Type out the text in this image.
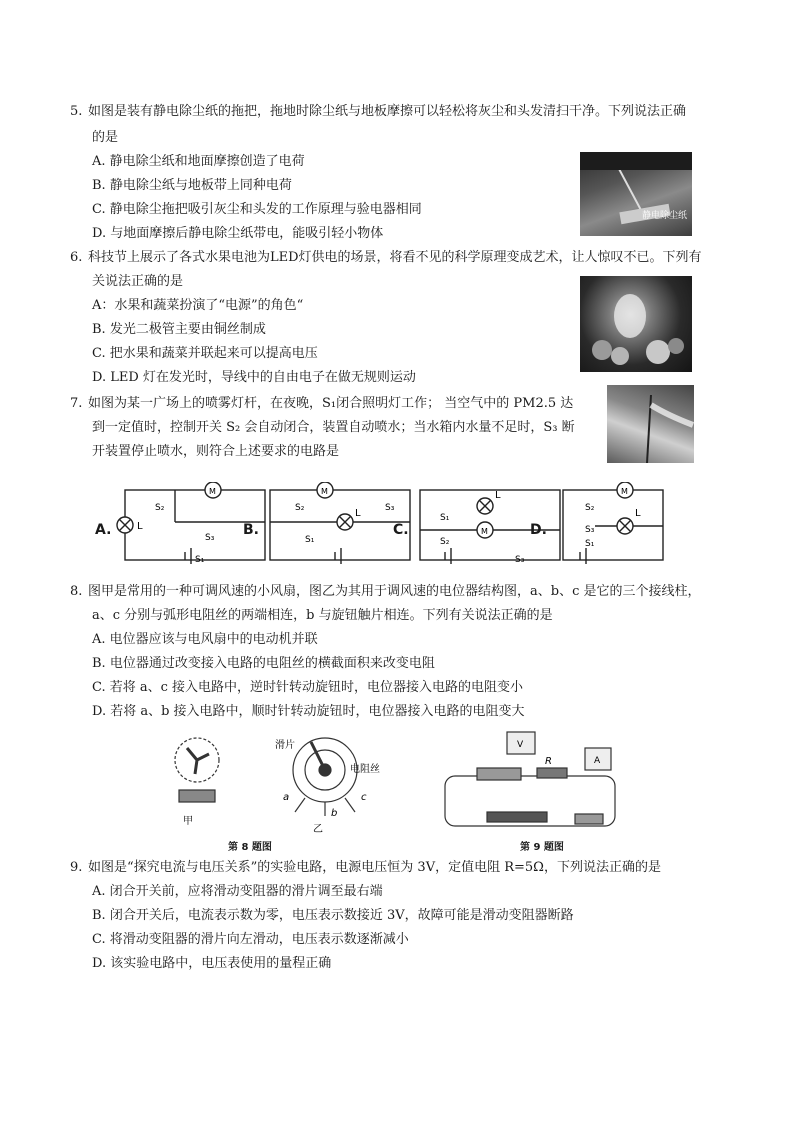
5. 如图是装有静电除尘纸的拖把，拖地时除尘纸与地板摩擦可以轻松将灰尘和头发清扫干净。下列说法正确
的是
A. 静电除尘纸和地面摩擦创造了电荷
B. 静电除尘纸与地板带上同种电荷
C. 静电除尘拖把吸引灰尘和头发的工作原理与验电器相同
D. 与地面摩擦后静电除尘纸带电，能吸引轻小物体
静电除尘纸
6. 科技节上展示了各式水果电池为LED灯供电的场景，将看不见的科学原理变成艺术，让人惊叹不已。下列有
关说法正确的是
A：水果和蔬菜扮演了“电源”的角色“
B. 发光二极管主要由铜丝制成
C. 把水果和蔬菜并联起来可以提高电压
D. LED 灯在发光时，导线中的自由电子在做无规则运动
7. 如图为某一广场上的喷雾灯杆，在夜晚，S₁闭合照明灯工作； 当空气中的 PM2.5 达
到一定值时，控制开关 S₂ 会自动闭合，装置自动喷水；当水箱内水量不足时，S₃ 断
开装置停止喷水，则符合上述要求的电路是
M	M
M
M
L
L
L
L
S₂
S₃
S₁
S₂	S₃
S₁
S₁
S₂
S₃
S₂
S₃
S₁
A.	B.	C.	D.
8. 图甲是常用的一种可调风速的小风扇，图乙为其用于调风速的电位器结构图，a、b、c 是它的三个接线柱，
a、c 分别与弧形电阻丝的两端相连，b 与旋钮触片相连。下列有关说法正确的是
A. 电位器应该与电风扇中的电动机并联
B. 电位器通过改变接入电路的电阻丝的横截面积来改变电阻
C. 若将 a、c 接入电路中，逆时针转动旋钮时，电位器接入电路的电阻变小
D. 若将 a、b 接入电路中，顺时针转动旋钮时，电位器接入电路的电阻变大
滑片
电阻丝
a
b
c
甲
乙
R
V
A
第 8 题图	第 9 题图
9. 如图是“探究电流与电压关系”的实验电路，电源电压恒为 3V，定值电阻 R=5Ω，下列说法正确的是
A. 闭合开关前，应将滑动变阻器的滑片调至最右端
B. 闭合开关后，电流表示数为零，电压表示数接近 3V，故障可能是滑动变阻器断路
C. 将滑动变阻器的滑片向左滑动，电压表示数逐渐减小
D. 该实验电路中，电压表使用的量程正确
